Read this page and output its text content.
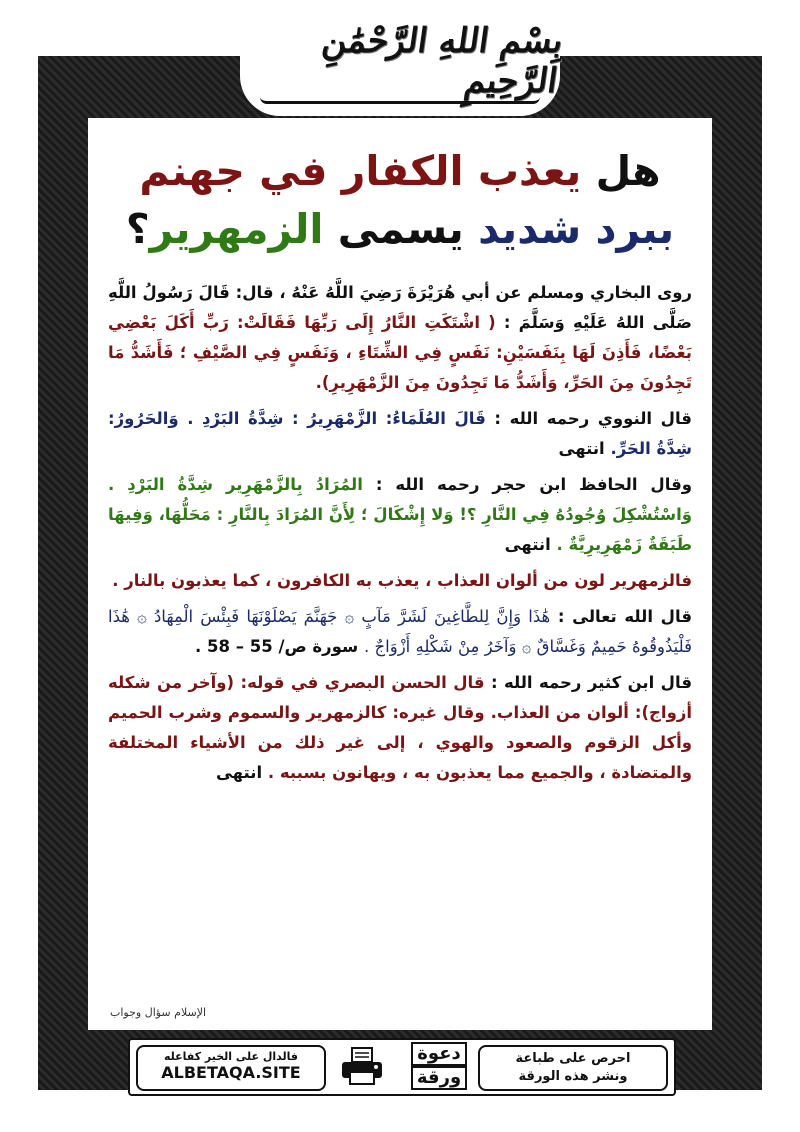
بِسْمِ اللهِ الرَّحْمَٰنِ الرَّحِيمِ
هل يعذب الكفار في جهنم
ببرد شديد يسمى الزمهرير؟

روى البخاري ومسلم عن أبي هُرَيْرَةَ رَضِيَ اللَّهُ عَنْهُ ، قال: قَالَ رَسُولُ اللَّهِ صَلَّى اللهُ عَلَيْهِ وَسَلَّمَ : ( اشْتَكَتِ النَّارُ إِلَى رَبِّهَا فَقَالَتْ: رَبِّ أَكَلَ بَعْضِي بَعْضًا، فَأَذِنَ لَهَا بِنَفَسَيْنِ: نَفَسٍ فِي الشِّتَاءِ ، وَنَفَسٍ فِي الصَّيْفِ ؛ فَأَشَدُّ مَا تَجِدُونَ مِنَ الحَرِّ، وَأَشَدُّ مَا تَجِدُونَ مِنَ الزَّمْهَرِيرِ).

قال النووي رحمه الله : قَالَ العُلَمَاءُ: الزَّمْهَرِيرُ : شِدَّةُ البَرْدِ . وَالحَرُورُ: شِدَّةُ الحَرِّ. انتهى

وقال الحافظ ابن حجر رحمه الله : المُرَادُ بِالزَّمْهَرِير شِدَّةُ البَرْدِ . وَاسْتُشْكِلَ وُجُودُهُ فِي النَّارِ ؟! وَلا إِشْكَالَ ؛ لِأَنَّ المُرَادَ بِالنَّارِ : مَحَلُّهَا، وَفِيهَا طَبَقَةٌ زَمْهَرِيرِيَّةٌ . انتهى

فالزمهرير لون من ألوان العذاب ، يعذب به الكافرون ، كما يعذبون بالنار .

قال الله تعالى : هَٰذَا وَإِنَّ لِلطَّاغِينَ لَشَرَّ مَآبٍ ۞ جَهَنَّمَ يَصْلَوْنَهَا فَبِئْسَ الْمِهَادُ ۞ هَٰذَا فَلْيَذُوقُوهُ حَمِيمٌ وَغَسَّاقٌ ۞ وَآخَرُ مِنْ شَكْلِهِ أَزْوَاجٌ . سورة ص/ 55 – 58 .

قال ابن كثير رحمه الله : قال الحسن البصري في قوله: (وآخر من شكله أزواج): ألوان من العذاب. وقال غيره: كالزمهرير والسموم وشرب الحميم وأكل الزقوم والصعود والهوي ، إلى غير ذلك من الأشياء المختلفة والمتضادة ، والجميع مما يعذبون به ، ويهانون بسببه . انتهى

الإسلام سؤال وجواب
فالدال على الخير كفاعله
ALBETAQA.SITE
دعوة
ورقة
احرص على طباعة
ونشر هذه الورقة
